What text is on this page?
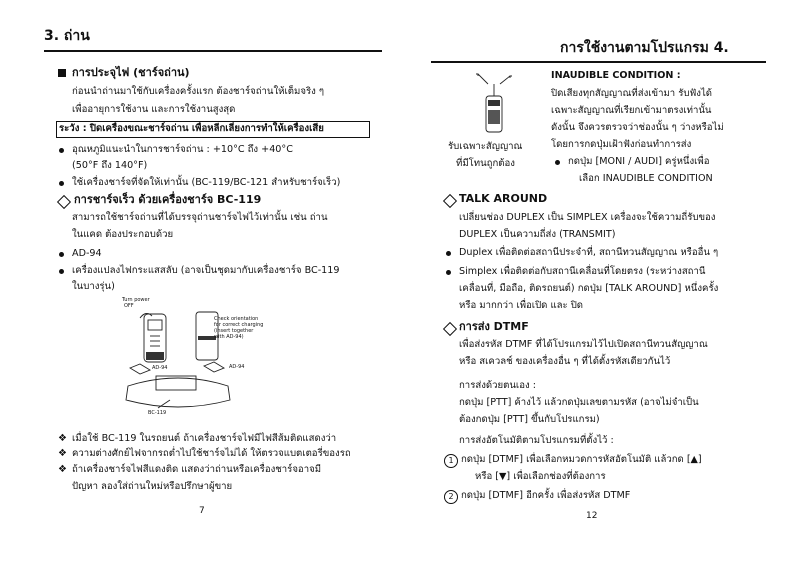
3. ถ่าน
การประจุไฟ (ชาร์จถ่าน)
ก่อนนำถ่านมาใช้กับเครื่องครั้งแรก ต้องชาร์จถ่านให้เต็มจริง ๆ
เพื่ออายุการใช้งาน และการใช้งานสูงสุด
ระวัง : ปิดเครื่องขณะชาร์จถ่าน เพื่อหลีกเลี่ยงการทำให้เครื่องเสีย
อุณหภูมิแนะนำในการชาร์จถ่าน : +10°C ถึง +40°C
(50°F ถึง 140°F)
ใช้เครื่องชาร์จที่จัดให้เท่านั้น (BC-119/BC-121 สำหรับชาร์จเร็ว)
การชาร์จเร็ว ด้วยเครื่องชาร์จ BC-119
สามารถใช้ชาร์จถ่านที่ได้บรรจุถ่านชาร์จไฟไว้เท่านั้น เช่น ถ่าน
ในแคด ต้องประกอบด้วย
AD-94
เครื่องแปลงไฟกระแสสลับ (อาจเป็นชุดมากับเครื่องชาร์จ BC-119
ในบางรุ่น)
Turn power
OFF
Check orientation
for correct charging
(insert together
with AD-94)
AD-94	AD-94
BC-119
❖ เมื่อใช้ BC-119 ในรถยนต์ ถ้าเครื่องชาร์จไฟมีไฟสีส้มติดแสดงว่า
❖ ความต่างศักย์ไฟจากรถต่ำไปใช้ชาร์จไม่ได้ ให้ตรวจแบตเตอรี่ของรถ
❖ ถ้าเครื่องชาร์จไฟสีแดงติด แสดงว่าถ่านหรือเครื่องชาร์จอาจมี
ปัญหา ลองใส่ถ่านใหม่หรือปรึกษาผู้ขาย
7
การใช้งานตามโปรแกรม 4.
รับเฉพาะสัญญาณ
ที่มีโทนถูกต้อง
INAUDIBLE CONDITION :
ปิดเสียงทุกสัญญาณที่ส่งเข้ามา รับฟังได้
เฉพาะสัญญาณที่เรียกเข้ามาตรงเท่านั้น
ดังนั้น จึงควรตรวจว่าช่องนั้น ๆ ว่างหรือไม่
โดยการกดปุ่มเฝ้าฟังก่อนทำการส่ง
กดปุ่ม [MONI / AUDI] ครู่หนึ่งเพื่อ
เลือก INAUDIBLE CONDITION
TALK AROUND
เปลี่ยนช่อง DUPLEX เป็น SIMPLEX เครื่องจะใช้ความถี่รับของ
DUPLEX เป็นความถี่ส่ง (TRANSMIT)
Duplex เพื่อติดต่อสถานีประจำที่, สถานีทวนสัญญาณ หรืออื่น ๆ
Simplex เพื่อติดต่อกับสถานีเคลื่อนที่โดยตรง (ระหว่างสถานี
เคลื่อนที่, มือถือ, ติดรถยนต์) กดปุ่ม [TALK AROUND] หนึ่งครั้ง
หรือ มากกว่า เพื่อเปิด และ ปิด
การส่ง DTMF
เพื่อส่งรหัส DTMF ที่ได้โปรแกรมไว้ไปเปิดสถานีทวนสัญญาณ
หรือ สเควลช์ ของเครื่องอื่น ๆ ที่ได้ตั้งรหัสเดียวกันไว้
การส่งด้วยตนเอง :
กดปุ่ม [PTT] ค้างไว้ แล้วกดปุ่มเลขตามรหัส (อาจไม่จำเป็น
ต้องกดปุ่ม [PTT] ขึ้นกับโปรแกรม)
การส่งอัตโนมัติตามโปรแกรมที่ตั้งไว้ :
1 กดปุ่ม [DTMF] เพื่อเลือกหมวดการหัสอัตโนมัติ แล้วกด [▲]
หรือ [▼] เพื่อเลือกช่องที่ต้องการ
2 กดปุ่ม [DTMF] อีกครั้ง เพื่อส่งรหัส DTMF
12
